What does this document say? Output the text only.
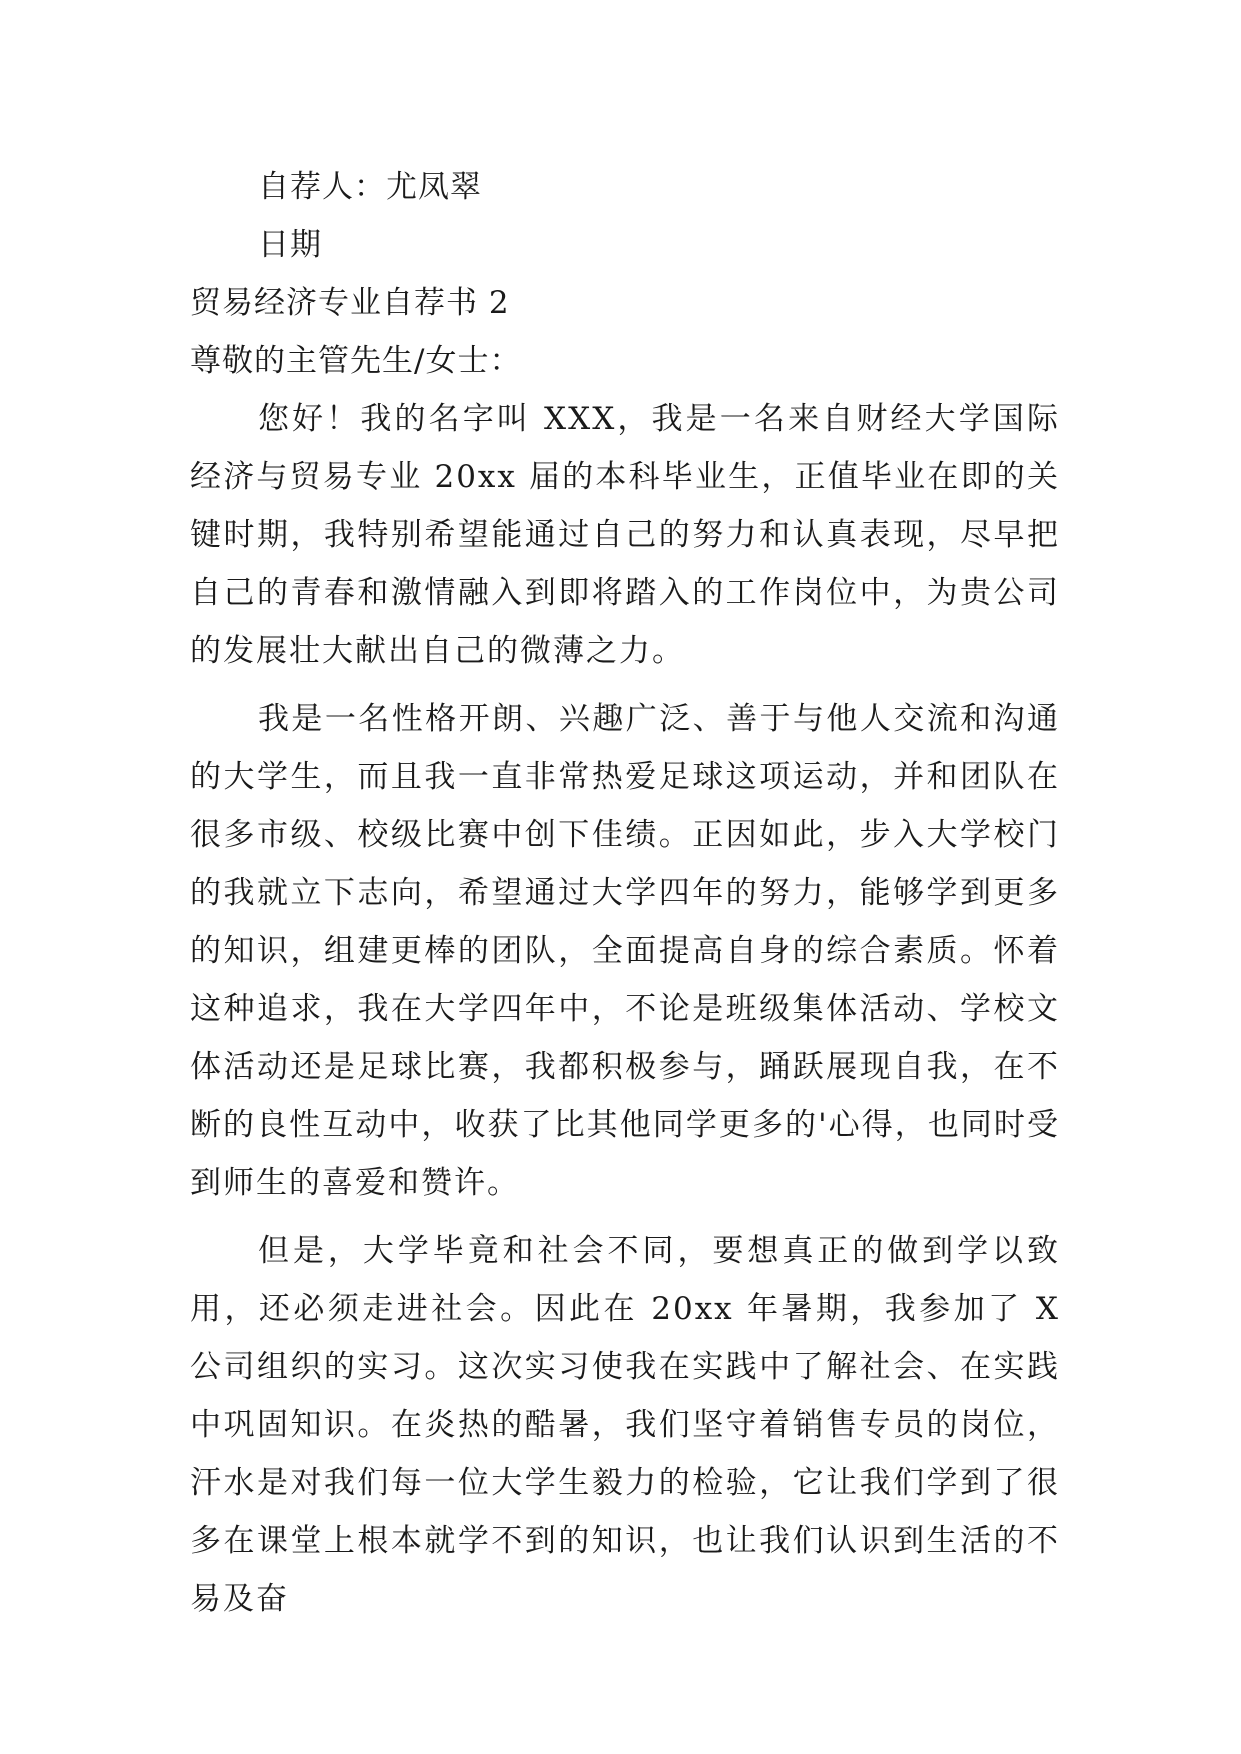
自荐人：尤凤翠

日期

贸易经济专业自荐书 2

尊敬的主管先生/女士：

您好！我的名字叫 XXX，我是一名来自财经大学国际经济与贸易专业 20xx 届的本科毕业生，正值毕业在即的关键时期，我特别希望能通过自己的努力和认真表现，尽早把自己的青春和激情融入到即将踏入的工作岗位中，为贵公司的发展壮大献出自己的微薄之力。

我是一名性格开朗、兴趣广泛、善于与他人交流和沟通的大学生，而且我一直非常热爱足球这项运动，并和团队在很多市级、校级比赛中创下佳绩。正因如此，步入大学校门的我就立下志向，希望通过大学四年的努力，能够学到更多的知识，组建更棒的团队，全面提高自身的综合素质。怀着这种追求，我在大学四年中，不论是班级集体活动、学校文体活动还是足球比赛，我都积极参与，踊跃展现自我，在不断的良性互动中，收获了比其他同学更多的'心得，也同时受到师生的喜爱和赞许。

但是，大学毕竟和社会不同，要想真正的做到学以致用，还必须走进社会。因此在 20xx 年暑期，我参加了 X 公司组织的实习。这次实习使我在实践中了解社会、在实践中巩固知识。在炎热的酷暑，我们坚守着销售专员的岗位，汗水是对我们每一位大学生毅力的检验，它让我们学到了很多在课堂上根本就学不到的知识，也让我们认识到生活的不易及奋
